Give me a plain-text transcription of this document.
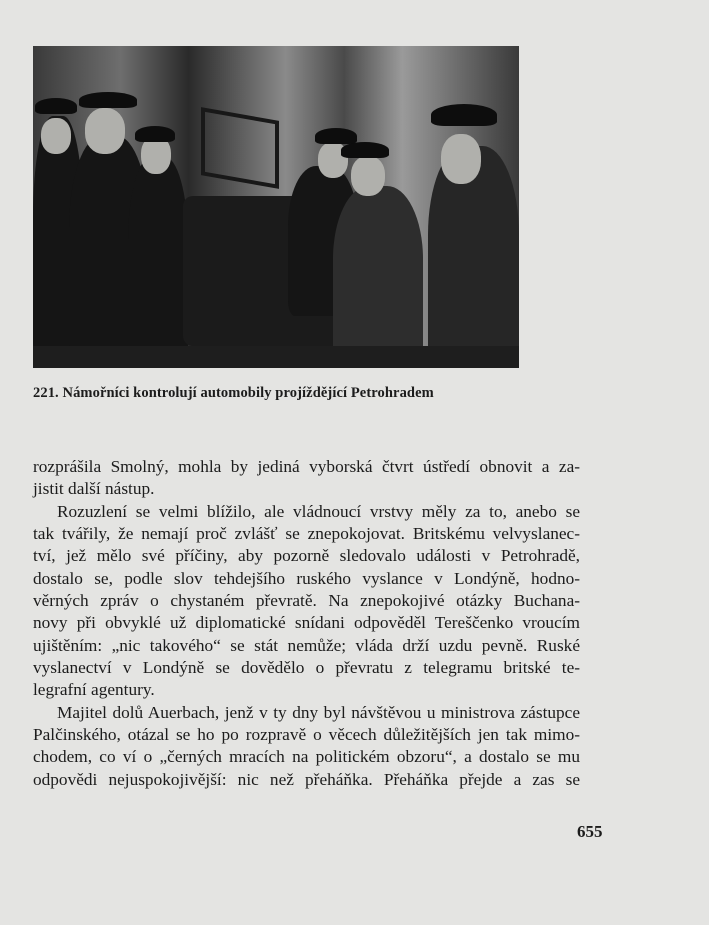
221. Námořníci kontrolují automobily projíždějící Petrohradem
rozprášila Smolný, mohla by jediná vyborská čtvrt ústředí obnovit a za-
jistit další nástup.
Rozuzlení se velmi blížilo, ale vládnoucí vrstvy měly za to, anebo se
tak tvářily, že nemají proč zvlášť se znepokojovat. Britskému velvyslanec-
tví, jež mělo své příčiny, aby pozorně sledovalo události v Petrohradě,
dostalo se, podle slov tehdejšího ruského vyslance v Londýně, hodno-
věrných zpráv o chystaném převratě. Na znepokojivé otázky Buchana-
novy při obvyklé už diplomatické snídani odpověděl Tereščenko vroucím
ujištěním: „nic takového“ se stát nemůže; vláda drží uzdu pevně. Ruské
vyslanectví v Londýně se dovědělo o převratu z telegramu britské te-
legrafní agentury.
Majitel dolů Auerbach, jenž v ty dny byl návštěvou u ministrova zástupce
Palčinského, otázal se ho po rozpravě o věcech důležitějších jen tak mimo-
chodem, co ví o „černých mracích na politickém obzoru“, a dostalo se mu
odpovědi nejuspokojivější: nic než přeháňka. Přeháňka přejde a zas se
655
